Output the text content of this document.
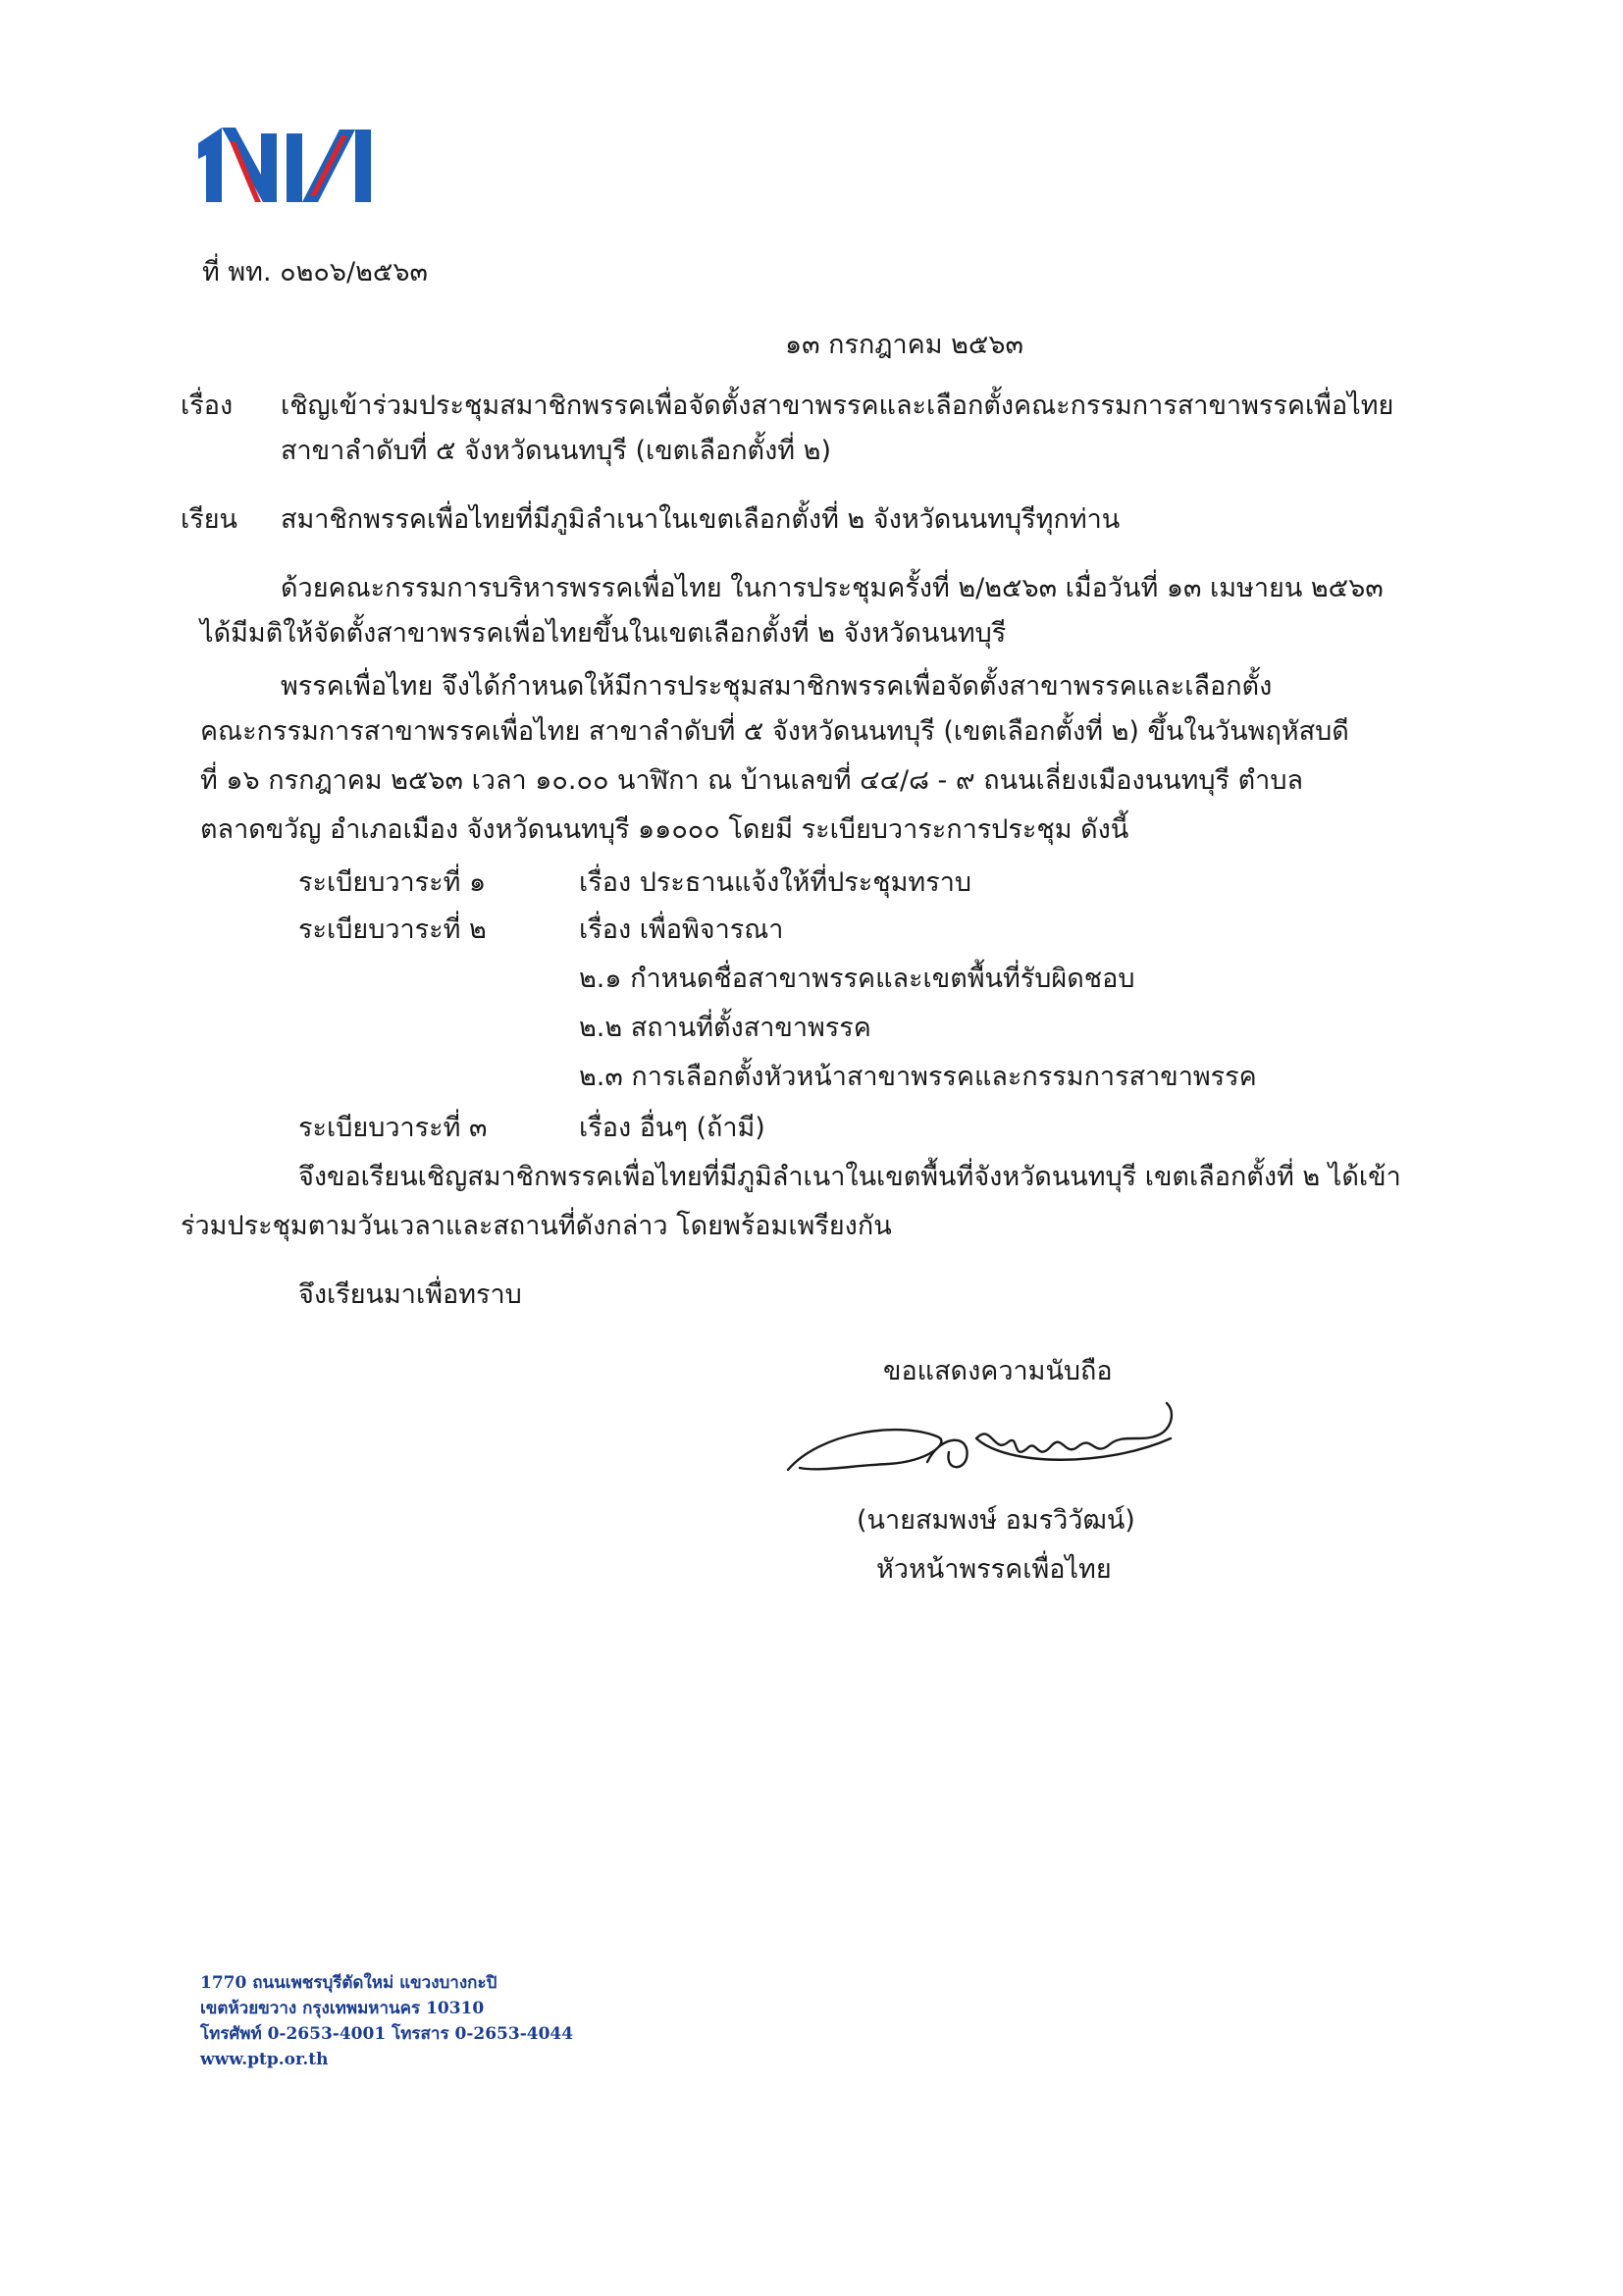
ที่ พท. ๐๒๐๖/๒๕๖๓
๑๓ กรกฎาคม ๒๕๖๓
เรื่อง เชิญเข้าร่วมประชุมสมาชิกพรรคเพื่อจัดตั้งสาขาพรรคและเลือกตั้งคณะกรรมการสาขาพรรคเพื่อไทย
สาขาลำดับที่ ๕ จังหวัดนนทบุรี (เขตเลือกตั้งที่ ๒)
เรียน สมาชิกพรรคเพื่อไทยที่มีภูมิลำเนาในเขตเลือกตั้งที่ ๒ จังหวัดนนทบุรีทุกท่าน
ด้วยคณะกรรมการบริหารพรรคเพื่อไทย ในการประชุมครั้งที่ ๒/๒๕๖๓ เมื่อวันที่ ๑๓ เมษายน ๒๕๖๓
ได้มีมติให้จัดตั้งสาขาพรรคเพื่อไทยขึ้นในเขตเลือกตั้งที่ ๒ จังหวัดนนทบุรี
พรรคเพื่อไทย จึงได้กำหนดให้มีการประชุมสมาชิกพรรคเพื่อจัดตั้งสาขาพรรคและเลือกตั้ง
คณะกรรมการสาขาพรรคเพื่อไทย สาขาลำดับที่ ๕ จังหวัดนนทบุรี (เขตเลือกตั้งที่ ๒) ขึ้นในวันพฤหัสบดี
ที่ ๑๖ กรกฎาคม ๒๕๖๓ เวลา ๑๐.๐๐ นาฬิกา ณ บ้านเลขที่ ๔๔/๘ - ๙ ถนนเลี่ยงเมืองนนทบุรี ตำบล
ตลาดขวัญ อำเภอเมือง จังหวัดนนทบุรี ๑๑๐๐๐ โดยมี ระเบียบวาระการประชุม ดังนี้
ระเบียบวาระที่ ๑	เรื่อง ประธานแจ้งให้ที่ประชุมทราบ
ระเบียบวาระที่ ๒	เรื่อง เพื่อพิจารณา
๒.๑ กำหนดชื่อสาขาพรรคและเขตพื้นที่รับผิดชอบ
๒.๒ สถานที่ตั้งสาขาพรรค
๒.๓ การเลือกตั้งหัวหน้าสาขาพรรคและกรรมการสาขาพรรค
ระเบียบวาระที่ ๓	เรื่อง อื่นๆ (ถ้ามี)
จึงขอเรียนเชิญสมาชิกพรรคเพื่อไทยที่มีภูมิลำเนาในเขตพื้นที่จังหวัดนนทบุรี เขตเลือกตั้งที่ ๒ ได้เข้า
ร่วมประชุมตามวันเวลาและสถานที่ดังกล่าว โดยพร้อมเพรียงกัน
จึงเรียนมาเพื่อทราบ
ขอแสดงความนับถือ
(นายสมพงษ์ อมรวิวัฒน์)
หัวหน้าพรรคเพื่อไทย
1770 ถนนเพชรบุรีตัดใหม่ แขวงบางกะปิ
เขตห้วยขวาง กรุงเทพมหานคร 10310
โทรศัพท์ 0-2653-4001 โทรสาร 0-2653-4044
www.ptp.or.th
